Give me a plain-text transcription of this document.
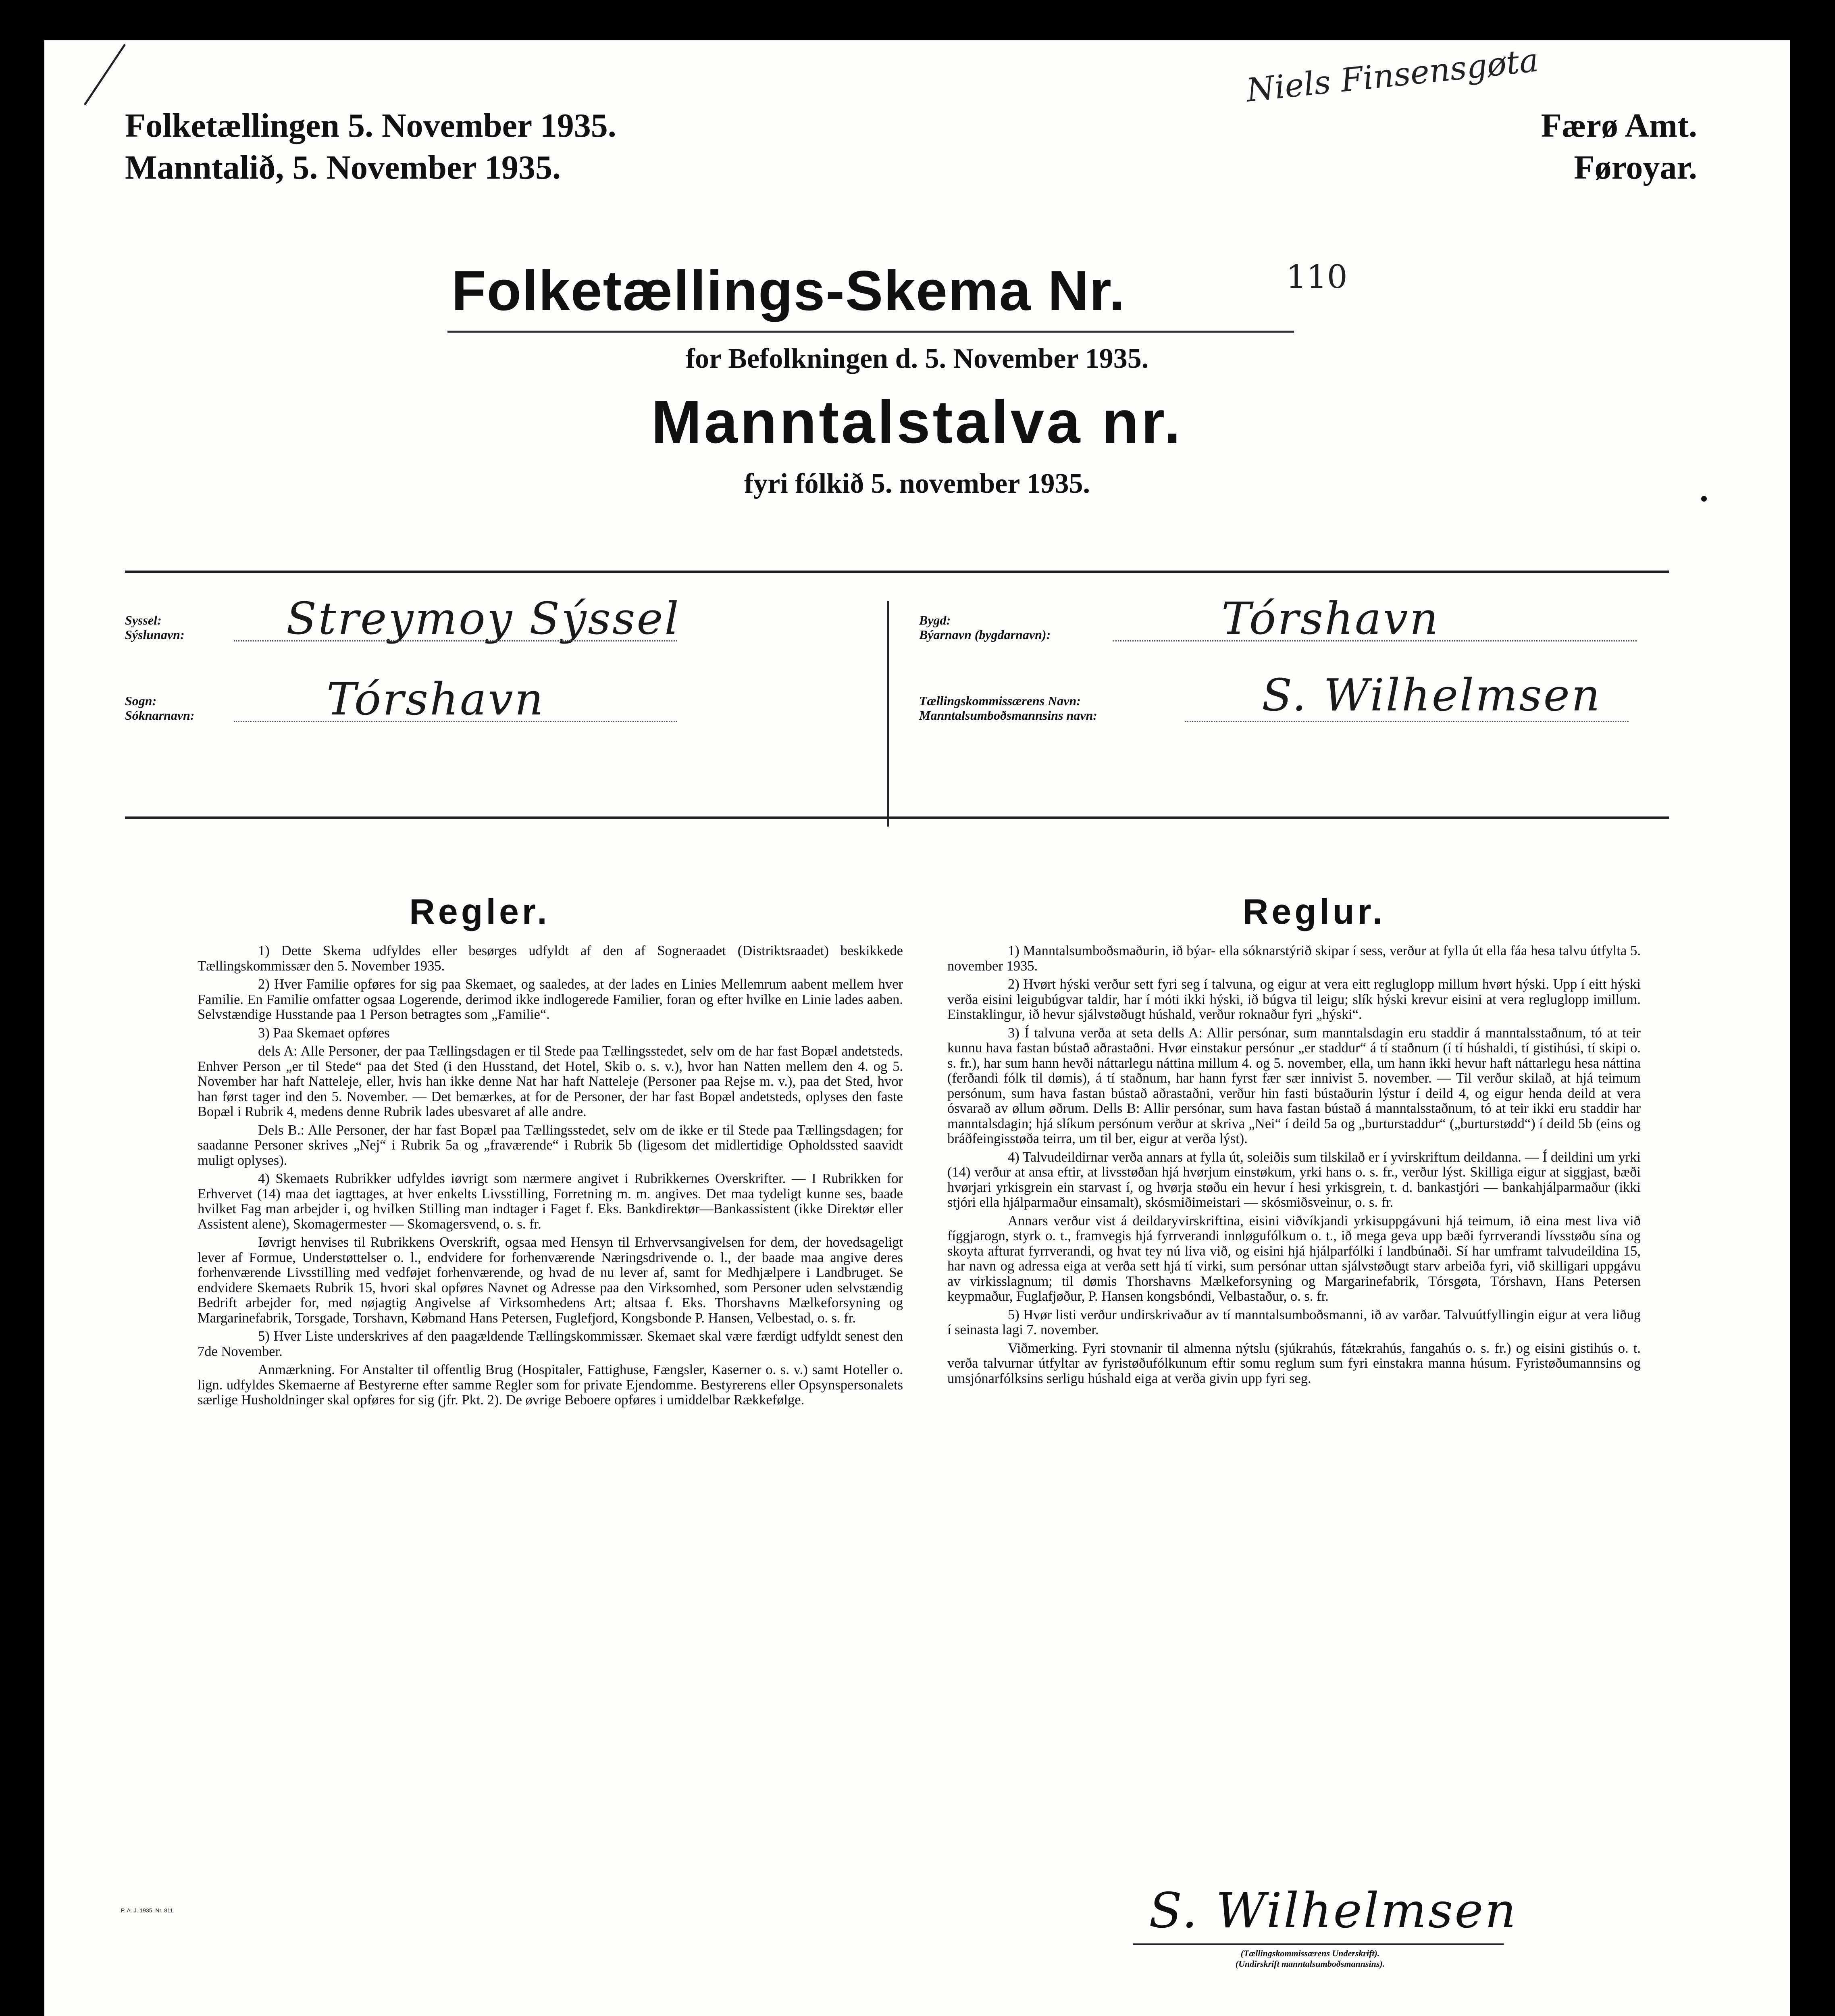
Folketællingen 5. November 1935.
Manntalið, 5. November 1935.
Færø Amt.
Føroyar.
Niels Finsensgøta
Folketællings-Skema Nr.	110
for Befolkningen d. 5. November 1935.
Manntalstalva nr.
fyri fólkið 5. november 1935.
Syssel:
Sýslunavn: Streymoy Sýssel
Sogn:
Sóknarnavn:	Tórshavn
Bygd:
Býarnavn (bygdarnavn):	Tórshavn
Tællingskommissærens Navn:
Manntalsumboðsmannsins navn:	S. Wilhelmsen
Regler.

1) Dette Skema udfyldes eller besørges udfyldt af den af Sogneraadet (Distriktsraadet) beskikkede Tællingskommissær den 5. November 1935.

2) Hver Familie opføres for sig paa Skemaet, og saaledes, at der lades en Linies Mellemrum aabent mellem hver Familie. En Familie omfatter ogsaa Logerende, derimod ikke indlogerede Familier, foran og efter hvilke en Linie lades aaben. Selvstændige Husstande paa 1 Person betragtes som „Familie“.

3) Paa Skemaet opføres

dels A: Alle Personer, der paa Tællingsdagen er til Stede paa Tællingsstedet, selv om de har fast Bopæl andetsteds. Enhver Person „er til Stede“ paa det Sted (i den Husstand, det Hotel, Skib o. s. v.), hvor han Natten mellem den 4. og 5. November har haft Natteleje, eller, hvis han ikke denne Nat har haft Natteleje (Personer paa Rejse m. v.), paa det Sted, hvor han først tager ind den 5. November. — Det bemærkes, at for de Personer, der har fast Bopæl andetsteds, oplyses den faste Bopæl i Rubrik 4, medens denne Rubrik lades ubesvaret af alle andre.

Dels B.: Alle Personer, der har fast Bopæl paa Tællingsstedet, selv om de ikke er til Stede paa Tællingsdagen; for saadanne Personer skrives „Nej“ i Rubrik 5a og „fraværende“ i Rubrik 5b (ligesom det midlertidige Opholdssted saavidt muligt oplyses).

4) Skemaets Rubrikker udfyldes iøvrigt som nærmere angivet i Rubrikkernes Overskrifter. — I Rubrikken for Erhvervet (14) maa det iagttages, at hver enkelts Livsstilling, Forretning m. m. angives. Det maa tydeligt kunne ses, baade hvilket Fag man arbejder i, og hvilken Stilling man indtager i Faget f. Eks. Bankdirektør—Bankassistent (ikke Direktør eller Assistent alene), Skomagermester — Skomagersvend, o. s. fr.

Iøvrigt henvises til Rubrikkens Overskrift, ogsaa med Hensyn til Erhvervsangivelsen for dem, der hovedsageligt lever af Formue, Understøttelser o. l., endvidere for forhenværende Næringsdrivende o. l., der baade maa angive deres forhenværende Livsstilling med vedføjet forhenværende, og hvad de nu lever af, samt for Medhjælpere i Landbruget. Se endvidere Skemaets Rubrik 15, hvori skal opføres Navnet og Adresse paa den Virksomhed, som Personer uden selvstændig Bedrift arbejder for, med nøjagtig Angivelse af Virksomhedens Art; altsaa f. Eks. Thorshavns Mælkeforsyning og Margarinefabrik, Torsgade, Torshavn, Købmand Hans Petersen, Fuglefjord, Kongsbonde P. Hansen, Velbestad, o. s. fr.

5) Hver Liste underskrives af den paagældende Tællingskommissær. Skemaet skal være færdigt udfyldt senest den 7de November.

Anmærkning. For Anstalter til offentlig Brug (Hospitaler, Fattighuse, Fængsler, Kaserner o. s. v.) samt Hoteller o. lign. udfyldes Skemaerne af Bestyrerne efter samme Regler som for private Ejendomme. Bestyrerens eller Opsynspersonalets særlige Husholdninger skal opføres for sig (jfr. Pkt. 2). De øvrige Beboere opføres i umiddelbar Rækkefølge.

Reglur.

1) Manntalsumboðsmaðurin, ið býar- ella sóknarstýrið skipar í sess, verður at fylla út ella fáa hesa talvu útfylta 5. november 1935.

2) Hvørt hýski verður sett fyri seg í talvuna, og eigur at vera eitt regluglopp millum hvørt hýski. Upp í eitt hýski verða eisini leigubúgvar taldir, har í móti ikki hýski, ið búgva til leigu; slík hýski krevur eisini at vera regluglopp imillum. Einstaklingur, ið hevur sjálvstøðugt húshald, verður roknaður fyri „hýski“.

3) Í talvuna verða at seta dells A: Allir persónar, sum manntalsdagin eru staddir á manntalsstaðnum, tó at teir kunnu hava fastan bústað aðrastaðni. Hvør einstakur persónur „er staddur“ á tí staðnum (í tí húshaldi, tí gistihúsi, tí skipi o. s. fr.), har sum hann hevði náttarlegu náttina millum 4. og 5. november, ella, um hann ikki hevur haft náttarlegu hesa náttina (ferðandi fólk til dømis), á tí staðnum, har hann fyrst fær sær innivist 5. november. — Til verður skilað, at hjá teimum persónum, sum hava fastan bústað aðrastaðni, verður hin fasti bústaðurin lýstur í deild 4, og eigur henda deild at vera ósvarað av øllum øðrum. Dells B: Allir persónar, sum hava fastan bústað á manntalsstaðnum, tó at teir ikki eru staddir har manntalsdagin; hjá slíkum persónum verður at skriva „Nei“ í deild 5a og „burturstaddur“ („burturstødd“) í deild 5b (eins og bráðfeingisstøða teirra, um til ber, eigur at verða lýst).

4) Talvudeildirnar verða annars at fylla út, soleiðis sum tilskilað er í yvirskriftum deildanna. — Í deildini um yrki (14) verður at ansa eftir, at livsstøðan hjá hvørjum einstøkum, yrki hans o. s. fr., verður lýst. Skilliga eigur at siggjast, bæði hvørjari yrkisgrein ein starvast í, og hvørja støðu ein hevur í hesi yrkisgrein, t. d. bankastjóri — bankahjálparmaður (ikki stjóri ella hjálparmaður einsamalt), skósmiðimeistari — skósmiðsveinur, o. s. fr.

Annars verður vist á deildaryvirskriftina, eisini viðvíkjandi yrkisuppgávuni hjá teimum, ið eina mest liva við fíggjarogn, styrk o. t., framvegis hjá fyrrverandi innløgufólkum o. t., ið mega geva upp bæði fyrrverandi lívsstøðu sína og skoyta afturat fyrrverandi, og hvat tey nú liva við, og eisini hjá hjálparfólki í landbúnaði. Sí har umframt talvudeildina 15, har navn og adressa eiga at verða sett hjá tí virki, sum persónar uttan sjálvstøðugt starv arbeiða fyri, við skilligari uppgávu av virkisslagnum; til dømis Thorshavns Mælkeforsyning og Margarinefabrik, Tórsgøta, Tórshavn, Hans Petersen keypmaður, Fuglafjøður, P. Hansen kongsbóndi, Velbastaður, o. s. fr.

5) Hvør listi verður undirskrivaður av tí manntalsumboðsmanni, ið av varðar. Talvuútfyllingin eigur at vera liðug í seinasta lagi 7. november.

Viðmerking. Fyri stovnanir til almenna nýtslu (sjúkrahús, fátækrahús, fangahús o. s. fr.) og eisini gistihús o. t. verða talvurnar útfyltar av fyristøðufólkunum eftir somu reglum sum fyri einstakra manna húsum. Fyristøðumannsins og umsjónarfólksins serligu húshald eiga at verða givin upp fyri seg.

P. A. J. 1935. Nr. 811	S. Wilhelmsen
(Tællingskommissærens Underskrift).
(Undirskrift manntalsumboðsmannsins).
